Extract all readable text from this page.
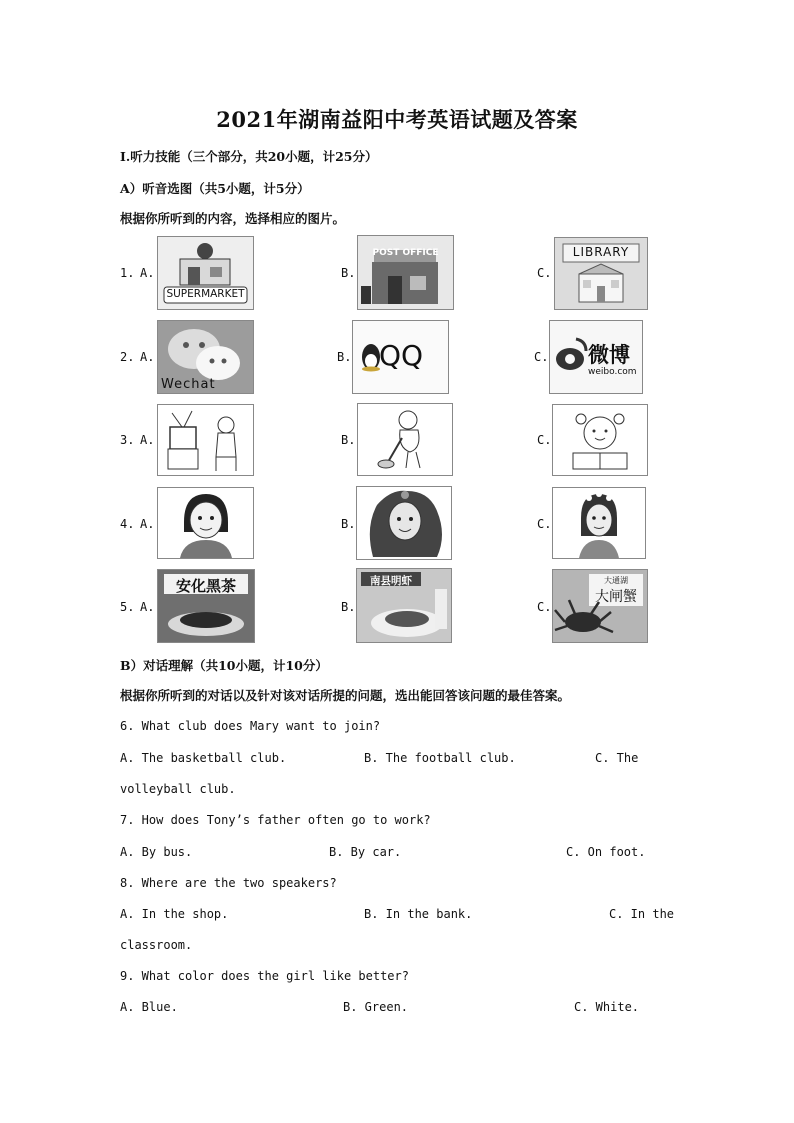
2021年湖南益阳中考英语试题及答案
I.听力技能（三个部分，共20小题，计25分）
A）听音选图（共5小题，计5分）
根据你所听到的内容，选择相应的图片。
1. A.
SUPERMARKET
B.
POST OFFICE
C.
LIBRARY
2. A.
Wechat
B. QQ	C. 微博
weibo.com
3. A.	B.	C.
4. A.	B.	C.
5. A.
安化黑茶
B.
南县明虾
C.
大通湖
大闸蟹
B）对话理解（共10小题，计10分）
根据你所听到的对话以及针对该对话所提的问题，选出能回答该问题的最佳答案。
6. What club does Mary want to join?
A. The basketball club.	B. The football club.	C. The
volleyball club.
7. How does Tony’s father often go to work?
A. By bus.	B. By car.	C. On foot.
8. Where are the two speakers?
A. In the shop.	B. In the bank.	C. In the
classroom.
9. What color does the girl like better?
A. Blue.	B. Green.	C. White.
